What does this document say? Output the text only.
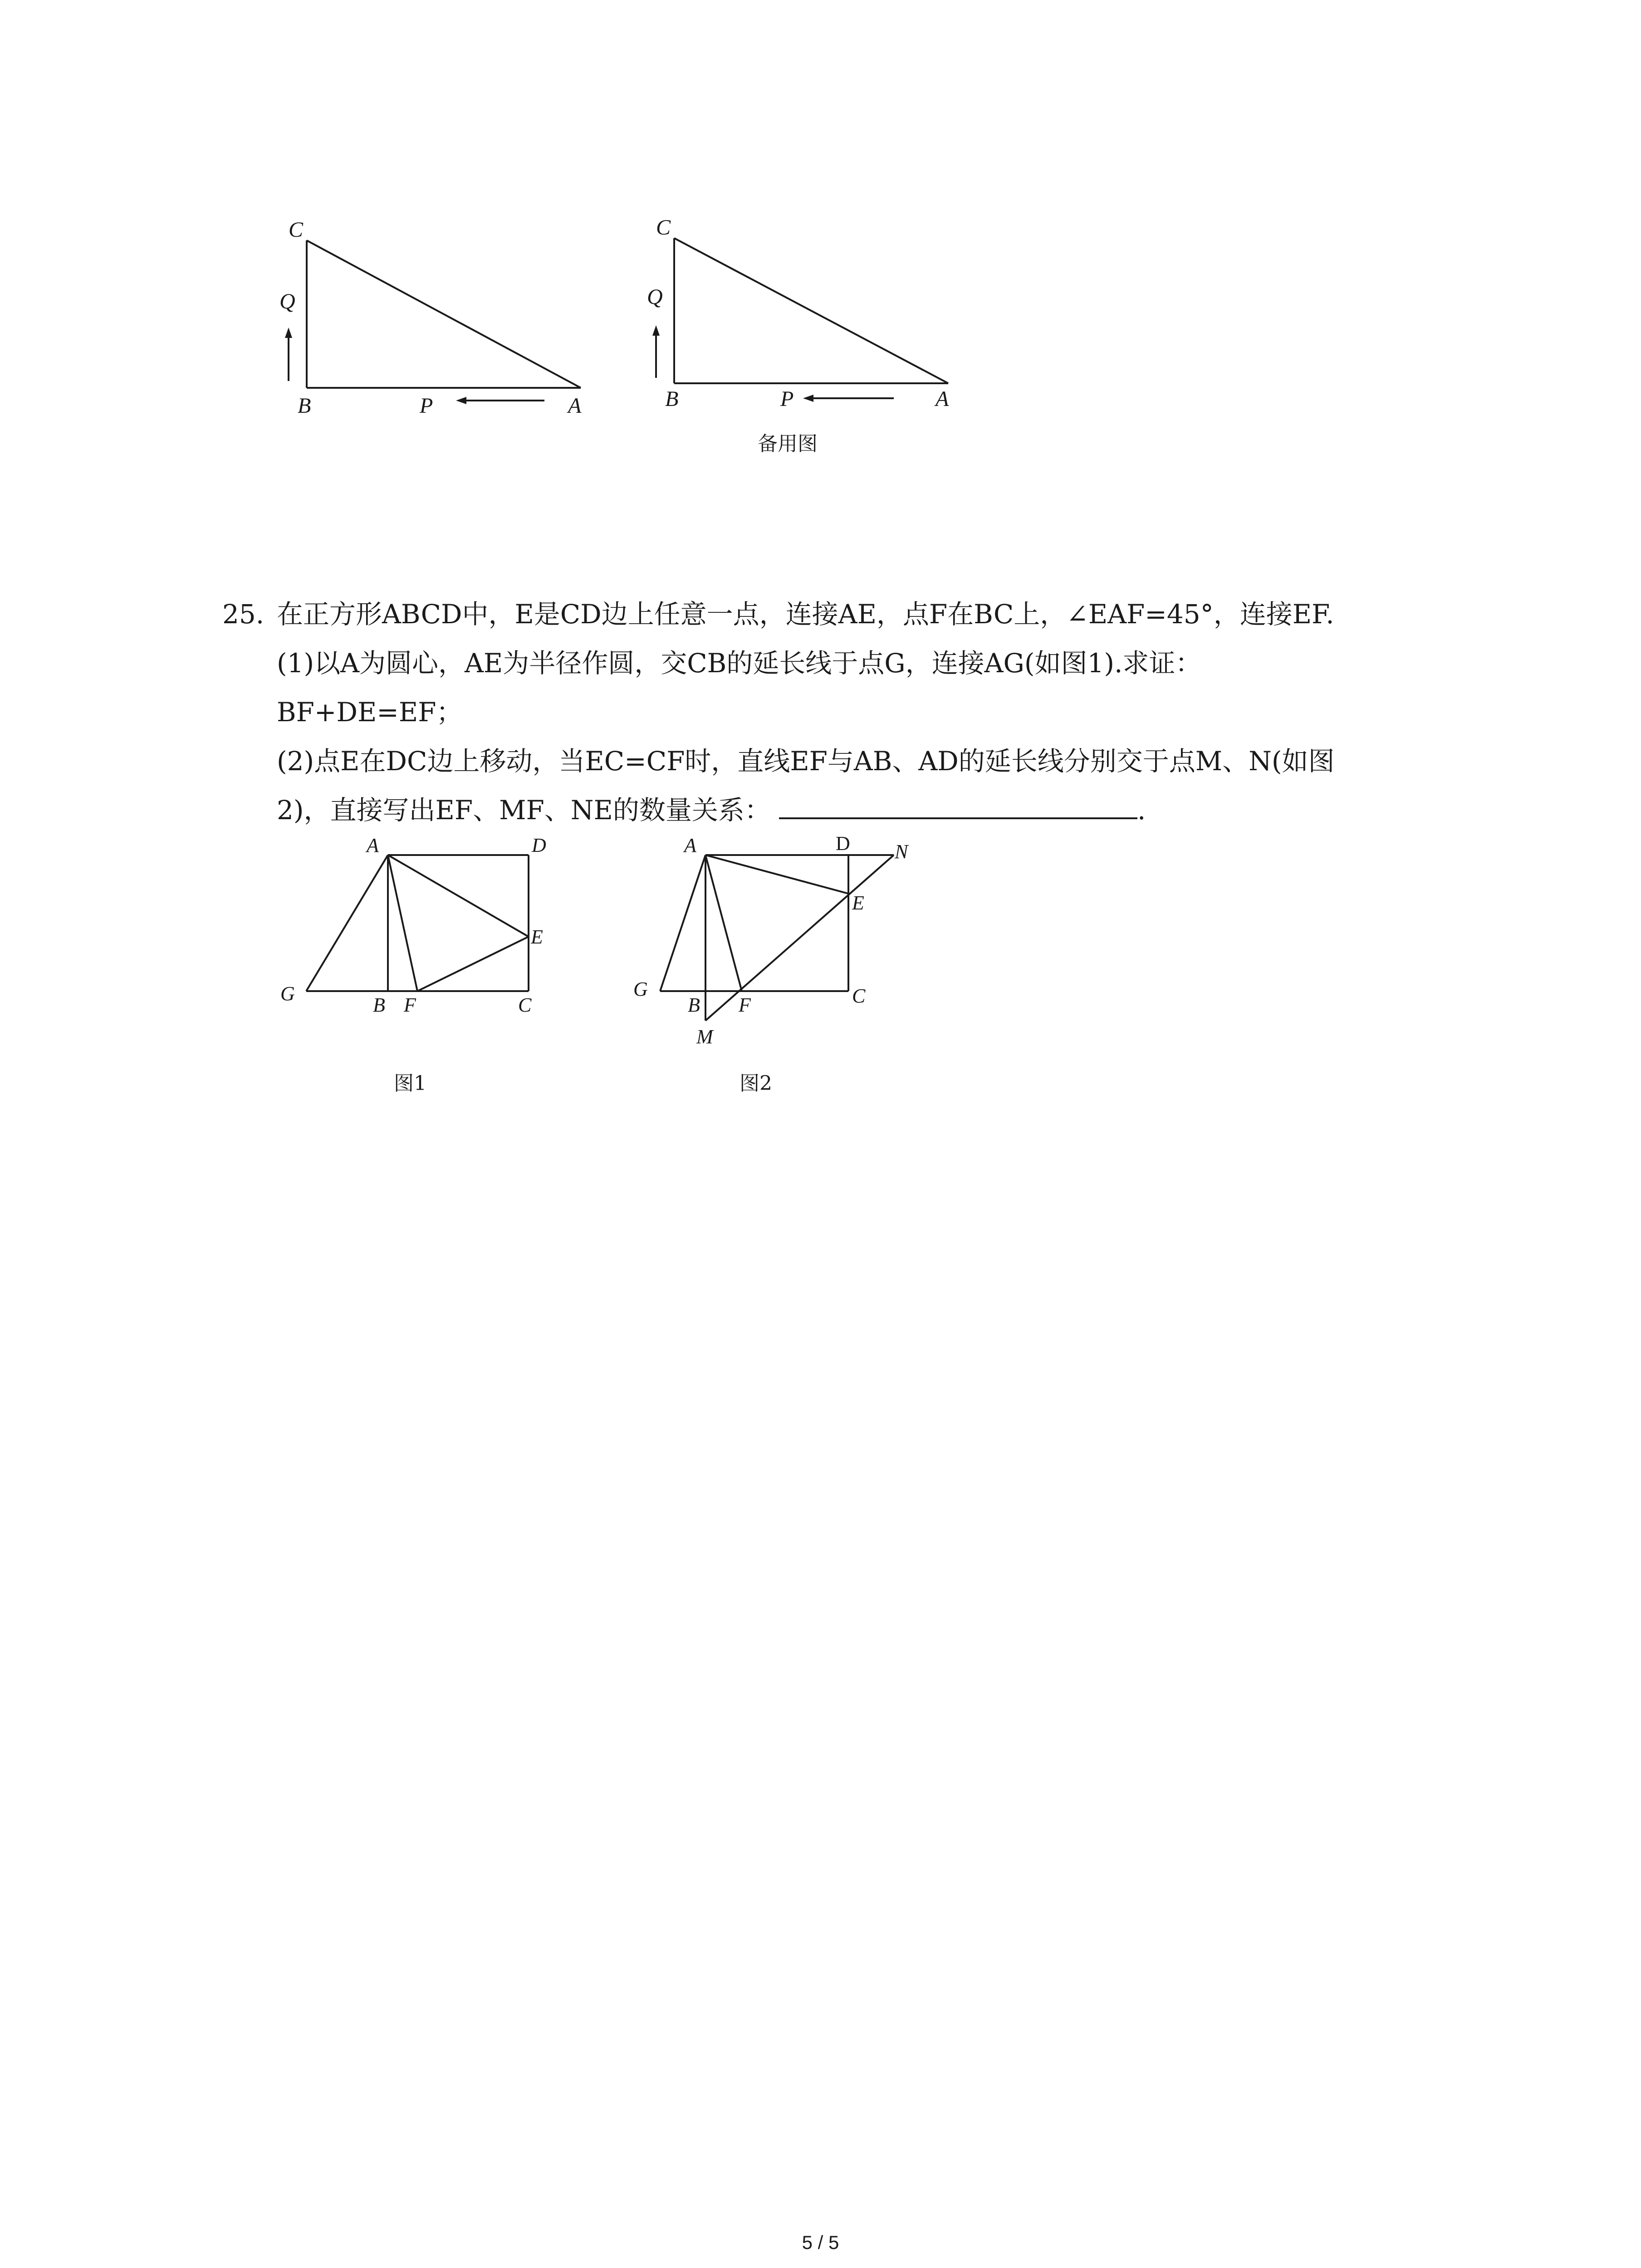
C
Q
B	P	A
C
Q
B	P	A
备用图
25. 在正方形ABCD中，E是CD边上任意一点，连接AE，点F在BC上，∠EAF=45°，连接EF.
(1)以A为圆心，AE为半径作圆，交CB的延长线于点G，连接AG(如图1).求证：
BF+DE=EF；
(2)点E在DC边上移动，当EC=CF时，直线EF与AB、AD的延长线分别交于点M、N(如图
2)，直接写出EF、MF、NE的数量关系：	.
A	D
E
G
B F	C
图1
A	D N
E
G
B F	C
M
图2
5 / 5
